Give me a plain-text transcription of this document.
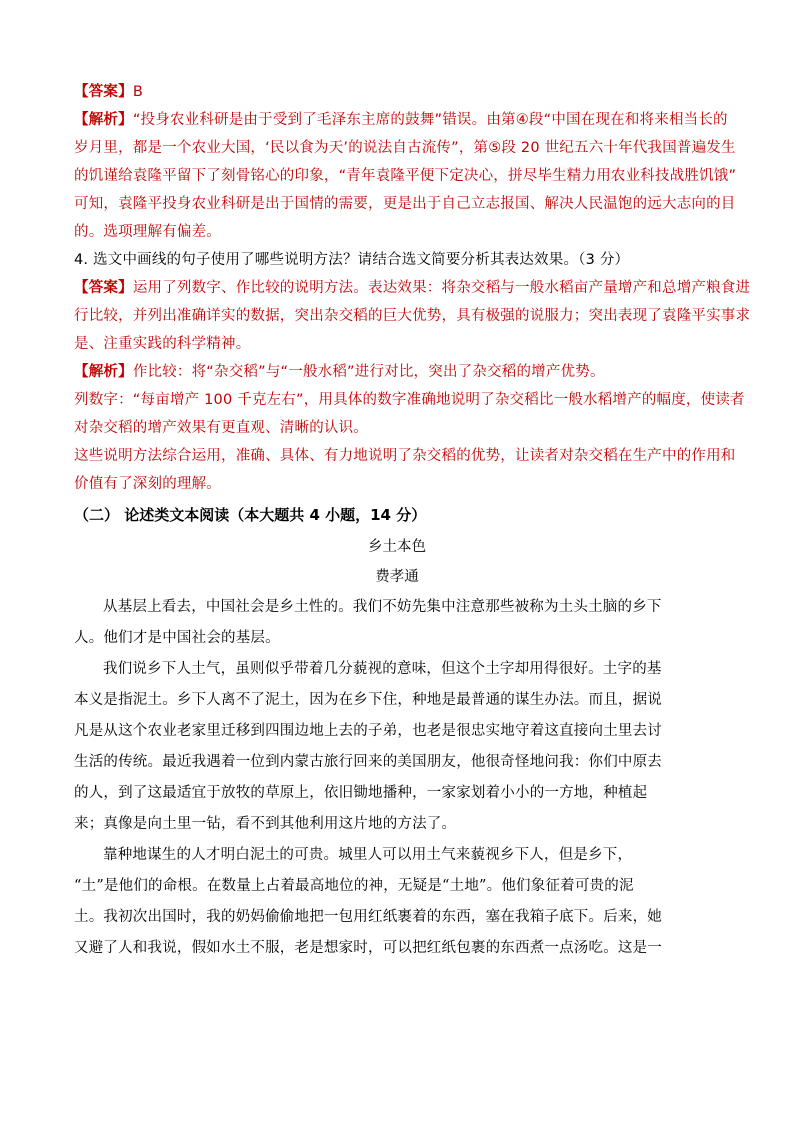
【答案】B
【解析】“投身农业科研是由于受到了毛泽东主席的鼓舞”错误。由第④段“中国在现在和将来相当长的
岁月里，都是一个农业大国，‘民以食为天’的说法自古流传”，第⑤段 20 世纪五六十年代我国普遍发生
的饥谨给袁隆平留下了刻骨铭心的印象，“青年袁隆平便下定决心，拼尽毕生精力用农业科技战胜饥饿”
可知，袁隆平投身农业科研是出于国情的需要，更是出于自己立志报国、解决人民温饱的远大志向的目
的。选项理解有偏差。
4. 选文中画线的句子使用了哪些说明方法？请结合选文简要分析其表达效果。（3 分）
【答案】运用了列数字、作比较的说明方法。表达效果：将杂交稻与一般水稻亩产量增产和总增产粮食进
行比较，并列出准确详实的数据，突出杂交稻的巨大优势，具有极强的说服力；突出表现了袁隆平实事求
是、注重实践的科学精神。
【解析】作比较：将“杂交稻”与“一般水稻”进行对比，突出了杂交稻的增产优势。
列数字：“每亩增产 100 千克左右”，用具体的数字准确地说明了杂交稻比一般水稻增产的幅度，使读者
对杂交稻的增产效果有更直观、清晰的认识。
这些说明方法综合运用，准确、具体、有力地说明了杂交稻的优势，让读者对杂交稻在生产中的作用和
价值有了深刻的理解。
（二） 论述类文本阅读（本大题共 4 小题，14 分）
乡土本色
费孝通
从基层上看去，中国社会是乡土性的。我们不妨先集中注意那些被称为土头土脑的乡下
人。他们才是中国社会的基层。
我们说乡下人土气，虽则似乎带着几分藐视的意味，但这个土字却用得很好。土字的基
本义是指泥土。乡下人离不了泥土，因为在乡下住，种地是最普通的谋生办法。而且，据说
凡是从这个农业老家里迁移到四围边地上去的子弟，也老是很忠实地守着这直接向土里去讨
生活的传统。最近我遇着一位到内蒙古旅行回来的美国朋友，他很奇怪地问我：你们中原去
的人，到了这最适宜于放牧的草原上，依旧锄地播种，一家家划着小小的一方地，种植起
来；真像是向土里一钻，看不到其他利用这片地的方法了。
靠种地谋生的人才明白泥土的可贵。城里人可以用土气来藐视乡下人，但是乡下，
“土”是他们的命根。在数量上占着最高地位的神，无疑是“土地”。他们象征着可贵的泥
土。我初次出国时，我的奶妈偷偷地把一包用红纸裹着的东西，塞在我箱子底下。后来，她
又避了人和我说，假如水土不服，老是想家时，可以把红纸包裹的东西煮一点汤吃。这是一
